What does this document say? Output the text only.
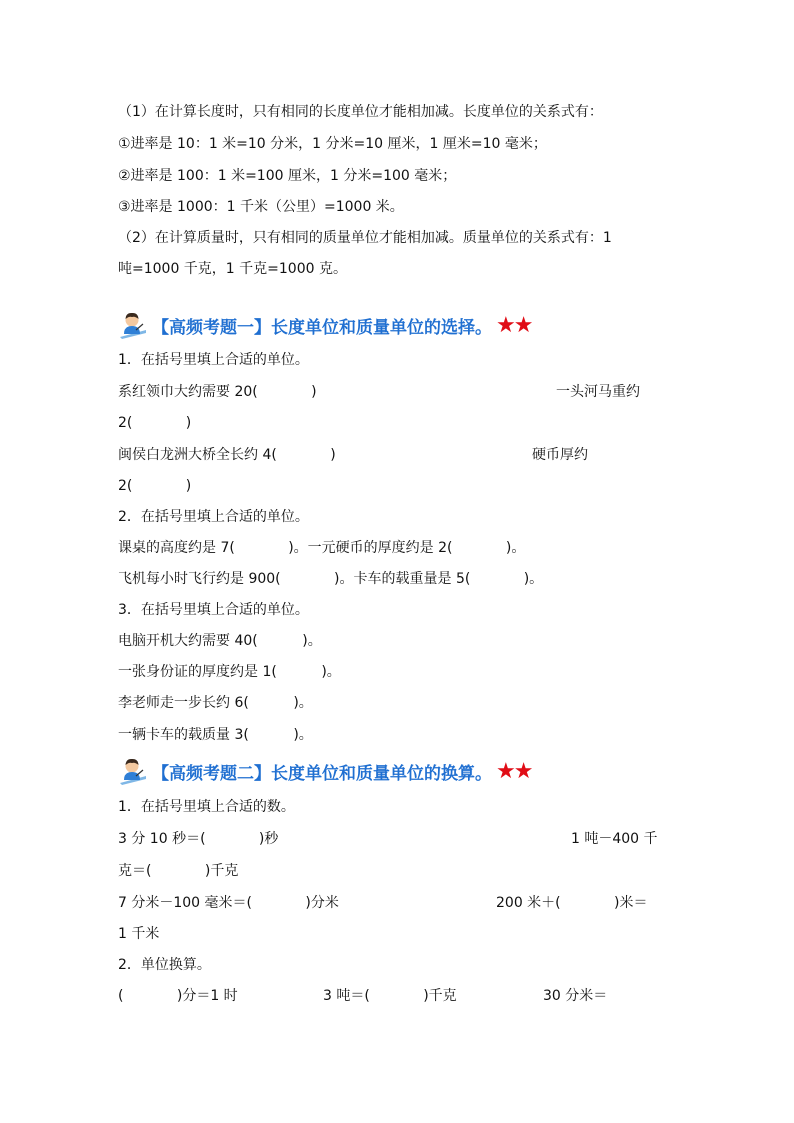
（1）在计算长度时，只有相同的长度单位才能相加减。长度单位的关系式有：
①进率是 10：1 米=10 分米，1 分米=10 厘米，1 厘米=10 毫米；
②进率是 100：1 米=100 厘米，1 分米=100 毫米；
③进率是 1000：1 千米（公里）=1000 米。
（2）在计算质量时，只有相同的质量单位才能相加减。质量单位的关系式有：1
吨=1000 千克，1 千克=1000 克。
【高频考题一】长度单位和质量单位的选择。 ★★
1．在括号里填上合适的单位。
系红领巾大约需要 20(            )	一头河马重约
2(            )
闽侯白龙洲大桥全长约 4(            )	硬币厚约
2(            )
2．在括号里填上合适的单位。
课桌的高度约是 7(            )。一元硬币的厚度约是 2(            )。
飞机每小时飞行约是 900(            )。卡车的载重量是 5(            )。
3．在括号里填上合适的单位。
电脑开机大约需要 40(          )。
一张身份证的厚度约是 1(          )。
李老师走一步长约 6(          )。
一辆卡车的载质量 3(          )。
【高频考题二】长度单位和质量单位的换算。 ★★
1．在括号里填上合适的数。
3 分 10 秒＝(            )秒	1 吨－400 千
克＝(            )千克
7 分米－100 毫米＝(            )分米	200 米＋(            )米＝
1 千米
2．单位换算。
(            )分＝1 时	3 吨＝(            )千克	30 分米＝
